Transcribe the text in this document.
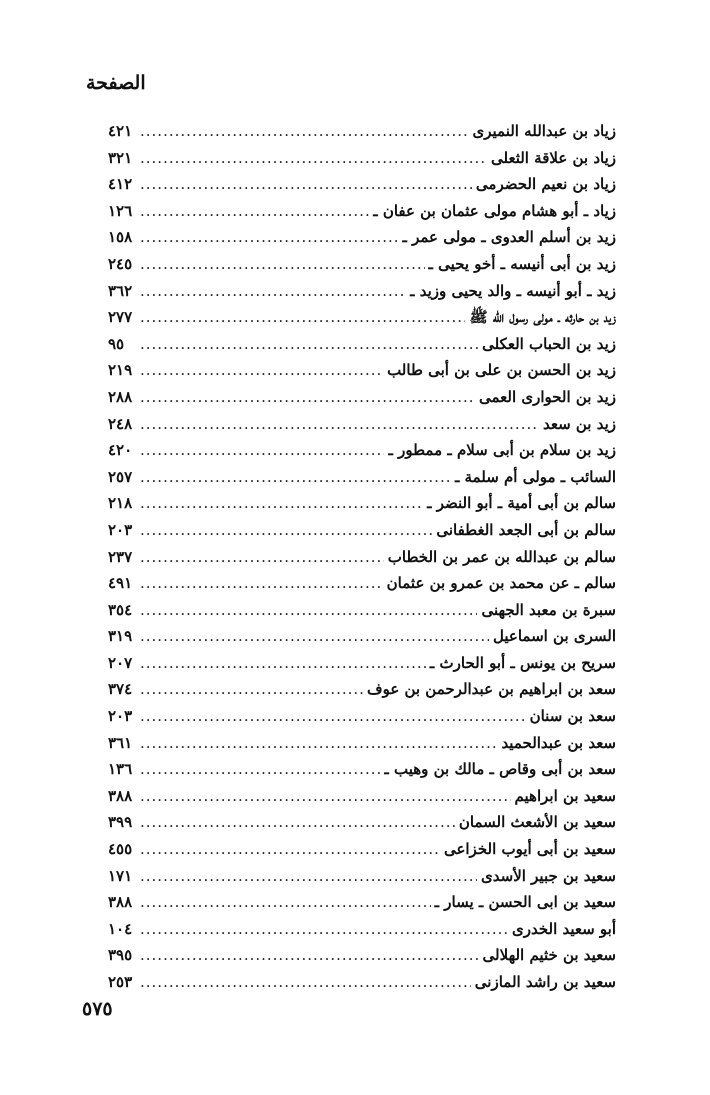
الصفحة
زياد بن عبدالله النميرى
.....
٤٢١
زياد بن علاقة الثعلى
.....
٣٢١
زياد بن نعيم الحضرمى
.....
٤١٢
زياد ـ أبو هشام مولى عثمان بن عفان ـ
.....
١٢٦
زيد بن أسلم العدوى ـ مولى عمر ـ
.....
١٥٨
زيد بن أبى أنيسه ـ أخو يحيى ـ
.....
٢٤٥
زيد ـ أبو أنيسه ـ والد يحيى وزيد ـ
.....
٣٦٢
زيد بن حارثه ـ مولى رسول الله ﷺ
.....
٢٧٧
زيد بن الحباب العكلى
.....
٩٥
زيد بن الحسن بن على بن أبى طالب
.....
٢١٩
زيد بن الحوارى العمى
.....
٢٨٨
زيد بن سعد
.....
٢٤٨
زيد بن سلام بن أبى سلام ـ ممطور ـ
.....
٤٢٠
السائب ـ مولى أم سلمة ـ
.....
٢٥٧
سالم بن أبى أمية ـ أبو النضر ـ
.....
٢١٨
سالم بن أبى الجعد الغطفانى
.....
٢٠٣
سالم بن عبدالله بن عمر بن الخطاب
.....
٢٣٧
سالم ـ عن محمد بن عمرو بن عثمان
.....
٤٩١
سبرة بن معبد الجهنى
.....
٣٥٤
السرى بن اسماعيل
.....
٣١٩
سريح بن يونس ـ أبو الحارث ـ
.....
٢٠٧
سعد بن ابراهيم بن عبدالرحمن بن عوف
.....
٣٧٤
سعد بن سنان
.....
٢٠٣
سعد بن عبدالحميد
.....
٣٦١
سعد بن أبى وقاص ـ مالك بن وهيب ـ
.....
١٣٦
سعيد بن ابراهيم
.....
٣٨٨
سعيد بن الأشعث السمان
.....
٣٩٩
سعيد بن أبى أيوب الخزاعى
.....
٤٥٥
سعيد بن جبير الأسدى
.....
١٧١
سعيد بن ابى الحسن ـ يسار ـ
.....
٣٨٨
أبو سعيد الخدرى
.....
١٠٤
سعيد بن خثيم الهلالى
.....
٣٩٥
سعيد بن راشد المازنى
.....
٢٥٣
٥٧٥
